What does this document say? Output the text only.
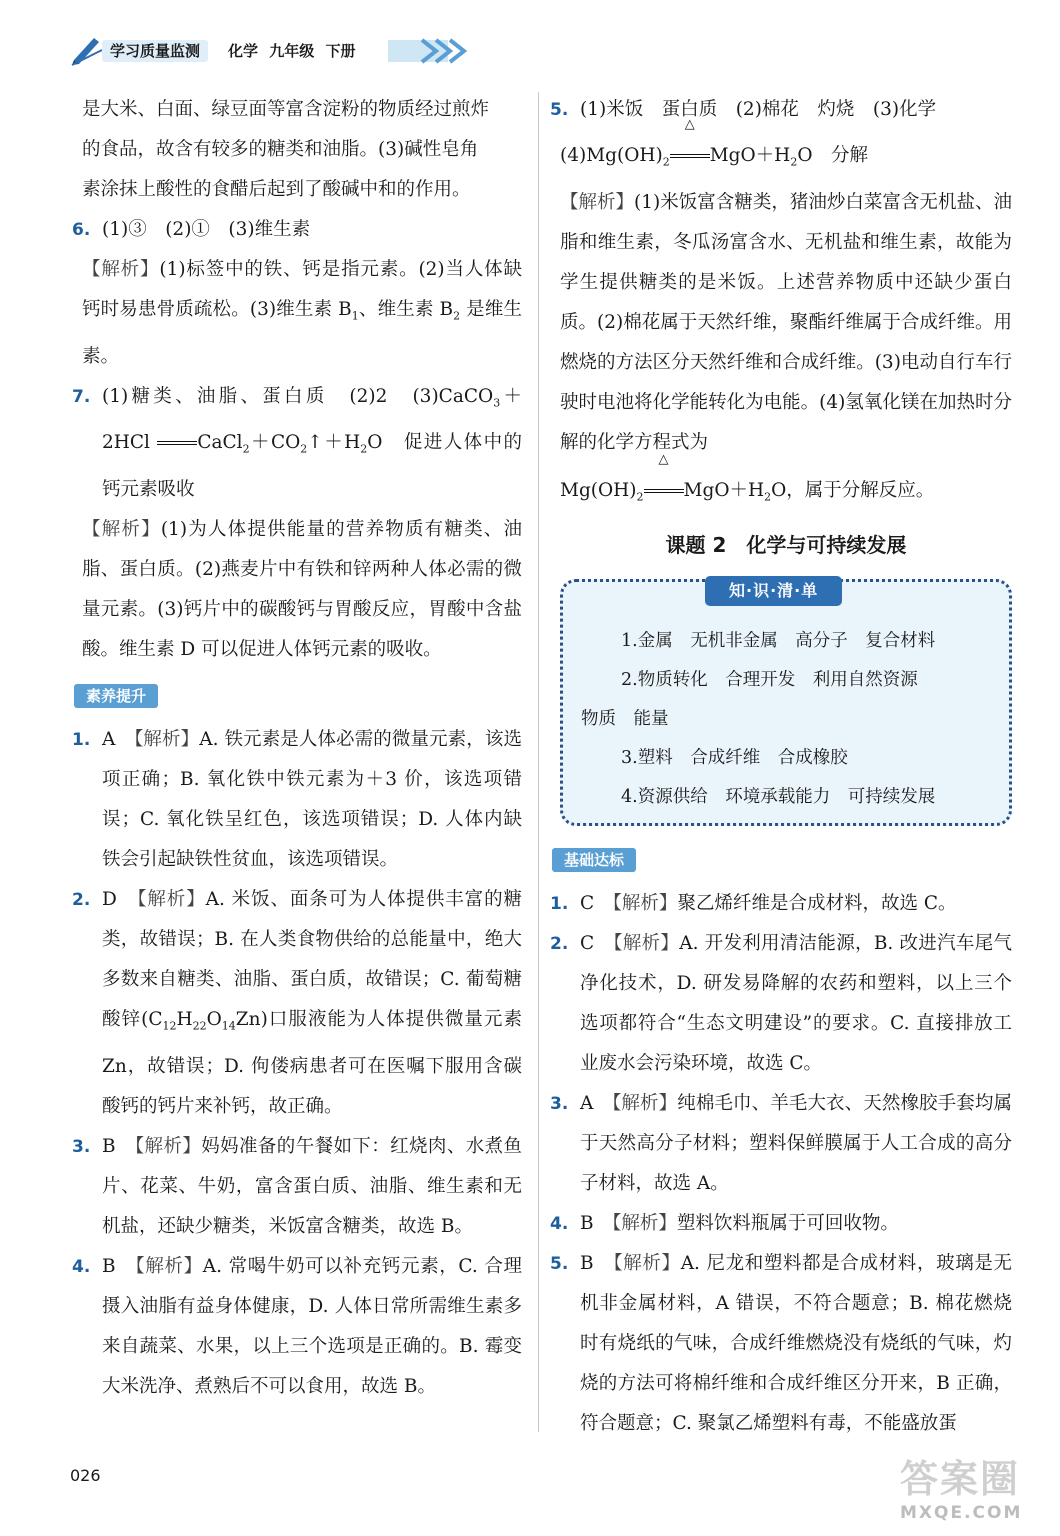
学习质量监测	化学 九年级 下册

是大米、白面、绿豆面等富含淀粉的物质经过煎炸

的食品，故含有较多的糖类和油脂。(3)碱性皂角

素涂抹上酸性的食醋后起到了酸碱中和的作用。

6. (1)③　(2)①　(3)维生素

【解析】(1)标签中的铁、钙是指元素。(2)当人体缺钙时易患骨质疏松。(3)维生素 $B_1$、维生素 $B_2$ 是维生素。

7. (1)糖类、油脂、蛋白质　(2)2　(3)CaCO$_3$＋2HCl	$CaCl_2+CO_2↑+H_2O$　促进人体中的钙元素吸收

【解析】(1)为人体提供能量的营养物质有糖类、油脂、蛋白质。(2)燕麦片中有铁和锌两种人体必需的微量元素。(3)钙片中的碳酸钙与胃酸反应，胃酸中含盐酸。维生素 D 可以促进人体钙元素的吸收。

素养提升
1. A　 【解析】A. 铁元素是人体必需的微量元素，该选项正确；B. 氧化铁中铁元素为＋3 价，该选项错误；C. 氧化铁呈红色，该选项错误；D. 人体内缺铁会引起缺铁性贫血，该选项错误。
2. D　 【解析】A. 米饭、面条可为人体提供丰富的糖类，故错误；B. 在人类食物供给的总能量中，绝大多数来自糖类、油脂、蛋白质，故错误；C. 葡萄糖酸锌$(C_{12}H_{22}O_{14}Zn)$口服液能为人体提供微量元素 Zn，故错误；D. 佝偻病患者可在医嘱下服用含碳酸钙的钙片来补钙，故正确。
3. B　 【解析】妈妈准备的午餐如下：红烧肉、水煮鱼片、花菜、牛奶，富含蛋白质、油脂、维生素和无机盐，还缺少糖类，米饭富含糖类，故选 B。
4. B　 【解析】A. 常喝牛奶可以补充钙元素，C. 合理摄入油脂有益身体健康，D. 人体日常所需维生素多来自蔬菜、水果，以上三个选项是正确的。B. 霉变大米洗净、煮熟后不可以食用，故选 B。
5. (1)米饭　蛋白质　(2)棉花　灼烧　(3)化学

$(4)Mg(OH)_2$
△
$MgO+H_2O$　分解

【解析】(1)米饭富含糖类，猪油炒白菜富含无机盐、油脂和维生素，冬瓜汤富含水、无机盐和维生素，故能为学生提供糖类的是米饭。上述营养物质中还缺少蛋白质。(2)棉花属于天然纤维，聚酯纤维属于合成纤维。用燃烧的方法区分天然纤维和合成纤维。(3)电动自行车行驶时电池将化学能转化为电能。(4)氢氧化镁在加热时分解的化学方程式为

$Mg(OH)_2$
△
$MgO+H_2O$，属于分解反应。

课题 2　化学与可持续发展
知·识·清·单
1.金属　无机非金属　高分子　复合材料
2.物质转化　合理开发　利用自然资源
物质　能量
3.塑料　合成纤维　合成橡胶
4.资源供给　环境承载能力　可持续发展
基础达标
1. C　 【解析】聚乙烯纤维是合成材料，故选 C。
2. C　 【解析】A. 开发利用清洁能源，B. 改进汽车尾气净化技术，D. 研发易降解的农药和塑料，以上三个选项都符合“生态文明建设”的要求。C. 直接排放工业废水会污染环境，故选 C。
3. A　 【解析】纯棉毛巾、羊毛大衣、天然橡胶手套均属于天然高分子材料；塑料保鲜膜属于人工合成的高分子材料，故选 A。
4. B　 【解析】塑料饮料瓶属于可回收物。
5. B　 【解析】A. 尼龙和塑料都是合成材料，玻璃是无机非金属材料，A 错误，不符合题意；B. 棉花燃烧时有烧纸的气味，合成纤维燃烧没有烧纸的气味，灼烧的方法可将棉纤维和合成纤维区分开来，B 正确，符合题意；C. 聚氯乙烯塑料有毒，不能盛放蛋
026	答案圈
MXQE.COM
